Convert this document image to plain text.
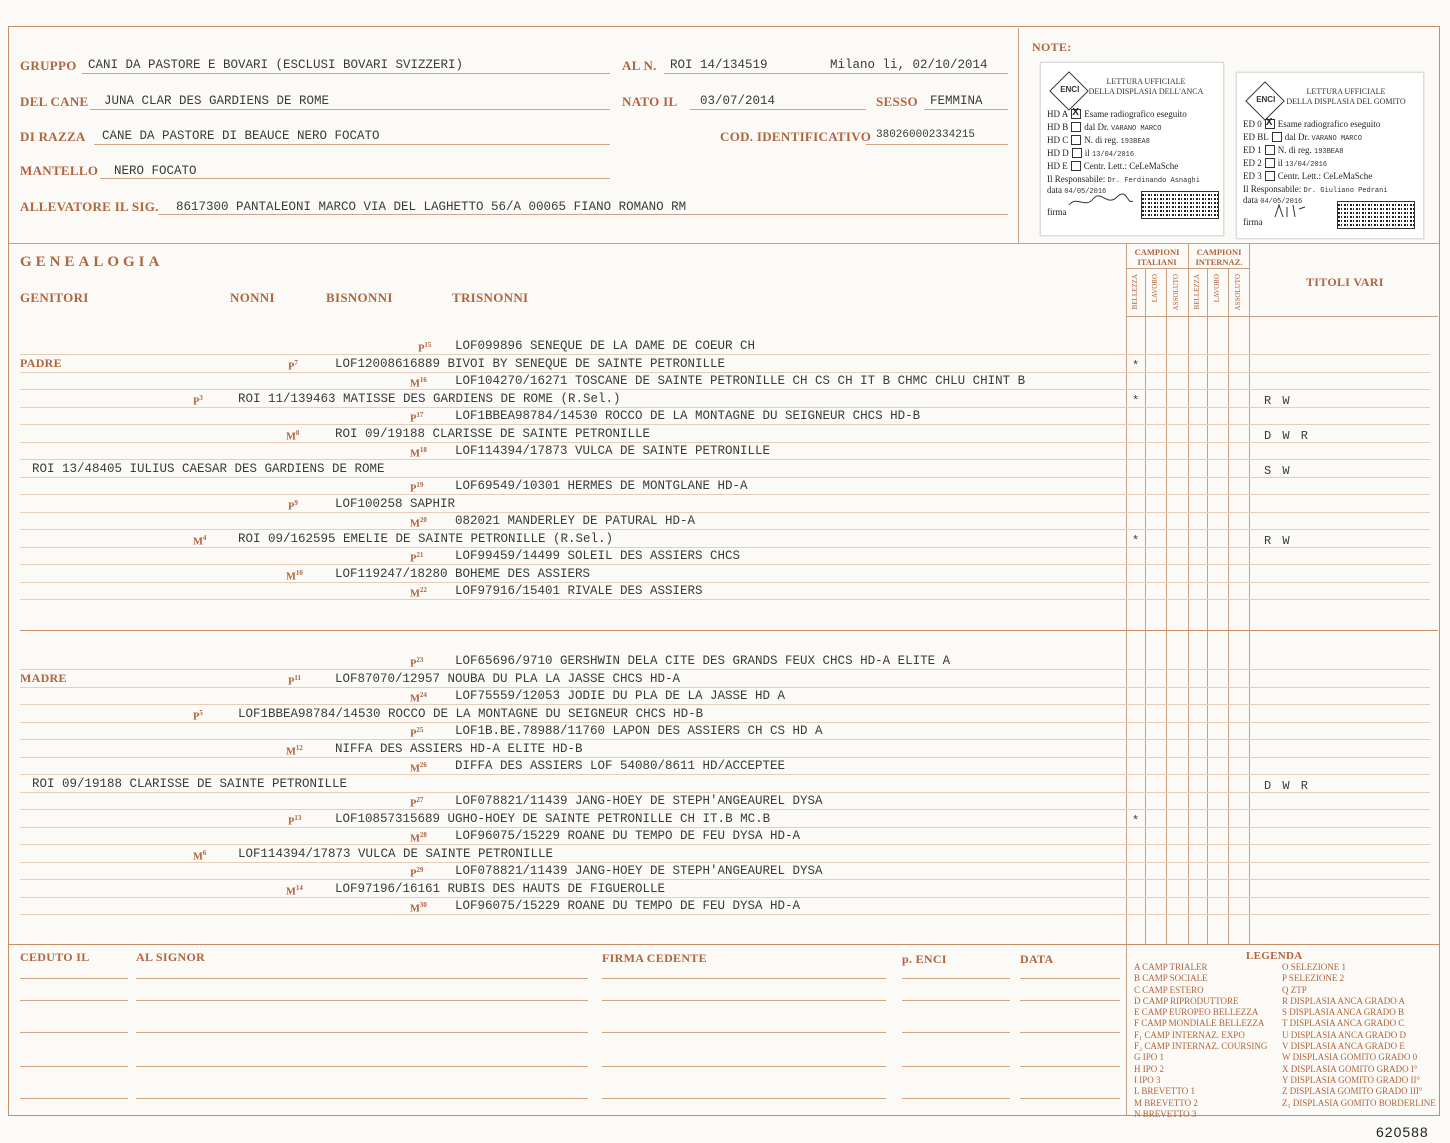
GRUPPO CANI DA PASTORE E BOVARI (ESCLUSI BOVARI SVIZZERI)	AL N. ROI 14/134519	Milano li, 02/10/2014
DEL CANE JUNA CLAR DES GARDIENS DE ROME	NATO IL 03/07/2014	SESSO FEMMINA
DI RAZZA CANE DA PASTORE DI BEAUCE NERO FOCATO	COD. IDENTIFICATIVO 380260002334215
MANTELLO NERO FOCATO
ALLEVATORE IL SIG. 8617300 PANTALEONI MARCO VIA DEL LAGHETTO 56/A 00065 FIANO ROMANO RM
NOTE:
ENCI
LETTURA UFFICIALE
DELLA DISPLASIA DELL'ANCA
HD A X Esame radiografico eseguito
HD B dal Dr. VARANO MARCO
HD C N. di reg. 193BEA8
HD D il 13/04/2016
HD E Centr. Lett.: CeLeMaSche
Il Responsabile: Dr. Ferdinando Asnaghi
data 04/05/2016
firma
ENCI
LETTURA UFFICIALE
DELLA DISPLASIA DEL GOMITO
ED 0 X Esame radiografico eseguito
ED BL dal Dr. VARANO MARCO
ED 1 N. di reg. 193BEA8
ED 2 il 13/04/2016
ED 3 Centr. Lett.: CeLeMaSche
Il Responsabile: Dr. Giuliano Pedrani
data 04/05/2016
firma
GENEALOGIA
GENITORI	NONNI	BISNONNI	TRISNONNI
CAMPIONI ITALIANI
CAMPIONI INTERNAZ.
BELLEZZA LAVORO ASSOLUTO BELLEZZA LAVORO ASSOLUTO	TITOLI VARI
PADRE
MADRE
$P^{15}$ LOF099896 SENEQUE DE LA DAME DE COEUR CH
$P^7$	LOF12008616889 BIVOI BY SENEQUE DE SAINTE PETRONILLE	*
$M^{16}$ LOF104270/16271 TOSCANE DE SAINTE PETRONILLE CH CS CH IT B CHMC CHLU CHINT B
$P^3$	ROI 11/139463 MATISSE DES GARDIENS DE ROME (R.Sel.)	*	R W
$P^{17}$	LOF1BBEA98784/14530 ROCCO DE LA MONTAGNE DU SEIGNEUR CHCS HD-B
$M^8$	ROI 09/19188 CLARISSE DE SAINTE PETRONILLE	D W R
$M^{18}$ LOF114394/17873 VULCA DE SAINTE PETRONILLE
ROI 13/48405 IULIUS CAESAR DES GARDIENS DE ROME	S W
$P^{19}$	LOF69549/10301 HERMES DE MONTGLANE HD-A
$P^9$	LOF100258 SAPHIR
$M^{20}$ 082021 MANDERLEY DE PATURAL HD-A
$M^4$	ROI 09/162595 EMELIE DE SAINTE PETRONILLE (R.Sel.)	*	R W
$P^{21}$	LOF99459/14499 SOLEIL DES ASSIERS CHCS
$M^{10}$	LOF119247/18280 BOHEME DES ASSIERS
$M^{22}$ LOF97916/15401 RIVALE DES ASSIERS
$P^{23}$	LOF65696/9710 GERSHWIN DELA CITE DES GRANDS FEUX CHCS HD-A ELITE A
$P^{11}$	LOF87070/12957 NOUBA DU PLA LA JASSE CHCS HD-A
$M^{24}$ LOF75559/12053 JODIE DU PLA DE LA JASSE HD A
$P^5$	LOF1BBEA98784/14530 ROCCO DE LA MONTAGNE DU SEIGNEUR CHCS HD-B
$P^{25}$	LOF1B.BE.78988/11760 LAPON DES ASSIERS CH CS HD A
$M^{12}$	NIFFA DES ASSIERS HD-A ELITE HD-B
$M^{26}$ DIFFA DES ASSIERS LOF 54080/8611 HD/ACCEPTEE
ROI 09/19188 CLARISSE DE SAINTE PETRONILLE	D W R
$P^{27}$	LOF078821/11439 JANG-HOEY DE STEPH'ANGEAUREL DYSA
$P^{13}$	LOF10857315689 UGHO-HOEY DE SAINTE PETRONILLE CH IT.B MC.B	*
$M^{28}$ LOF96075/15229 ROANE DU TEMPO DE FEU DYSA HD-A
$M^6$	LOF114394/17873 VULCA DE SAINTE PETRONILLE
$P^{29}$	LOF078821/11439 JANG-HOEY DE STEPH'ANGEAUREL DYSA
$M^{14}$	LOF97196/16161 RUBIS DES HAUTS DE FIGUEROLLE
$M^{30}$ LOF96075/15229 ROANE DU TEMPO DE FEU DYSA HD-A
CEDUTO IL	AL SIGNOR	FIRMA CEDENTE	p. ENCI	DATA	LEGENDA
A CAMP TRIALER
B CAMP SOCIALE
C CAMP ESTERO
D CAMP RIPRODUTTORE
E CAMP EUROPEO BELLEZZA
F CAMP MONDIALE BELLEZZA
F₁ CAMP INTERNAZ. EXPO
F₂ CAMP INTERNAZ. COURSING
G IPO 1
H IPO 2
I IPO 3
L BREVETTO 1
M BREVETTO 2
N BREVETTO 3
O SELEZIONE 1
P SELEZIONE 2
Q ZTP
R DISPLASIA ANCA GRADO A
S DISPLASIA ANCA GRADO B
T DISPLASIA ANCA GRADO C
U DISPLASIA ANCA GRADO D
V DISPLASIA ANCA GRADO E
W DISPLASIA GOMITO GRADO 0
X DISPLASIA GOMITO GRADO I°
Y DISPLASIA GOMITO GRADO II°
Z DISPLASIA GOMITO GRADO III°
Z₁ DISPLASIA GOMITO BORDERLINE
620588
